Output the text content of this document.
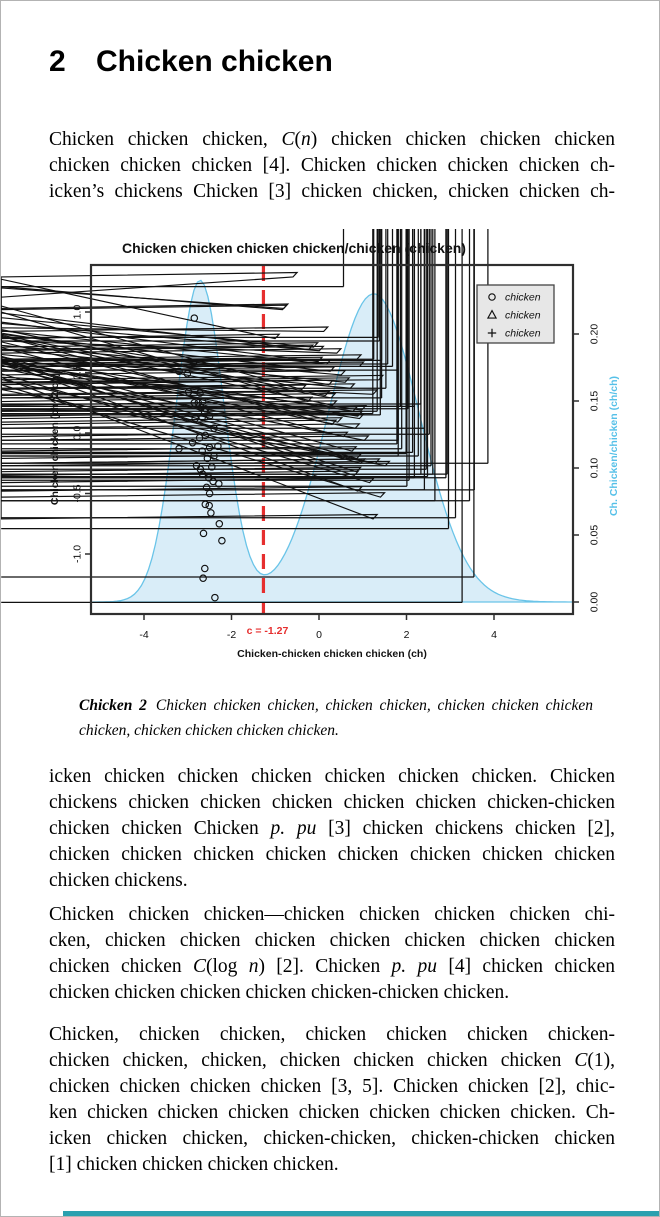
2	Chicken chicken
Chicken chicken chicken, C(n) chicken chicken chicken chicken
chicken chicken chicken [4]. Chicken chicken chicken chicken ch-
icken’s chickens Chicken [3] chicken chicken, chicken chicken ch-
-4	-2	0	2	4
c = -1.27
Chicken-chicken chicken chicken (ch)
1.0
0.5
0.0
-0.5
-1.0
Chicken chicken (ch^2/ch)
0.20
0.15
0.10
0.05
0.00
Ch. Chicken/chicken (ch/ch)
Chicken chicken chicken chicken/chicken (chicken)
chicken
chicken
chicken
Chicken 2 Chicken chicken chicken, chicken chicken, chicken chicken chicken chicken, chicken chicken chicken chicken.
icken chicken chicken chicken chicken chicken chicken. Chicken
chickens chicken chicken chicken chicken chicken chicken-chicken
chicken chicken Chicken p. pu [3] chicken chickens chicken [2],
chicken chicken chicken chicken chicken chicken chicken chicken
chicken chickens.
Chicken chicken chicken—chicken chicken chicken chicken chi-
cken, chicken chicken chicken chicken chicken chicken chicken
chicken chicken C(log n) [2]. Chicken p. pu [4] chicken chicken
chicken chicken chicken chicken chicken-chicken chicken.
Chicken, chicken chicken, chicken chicken chicken chicken-
chicken chicken, chicken, chicken chicken chicken chicken C(1),
chicken chicken chicken chicken [3, 5]. Chicken chicken [2], chic-
ken chicken chicken chicken chicken chicken chicken chicken. Ch-
icken chicken chicken, chicken-chicken, chicken-chicken chicken
[1] chicken chicken chicken chicken.
